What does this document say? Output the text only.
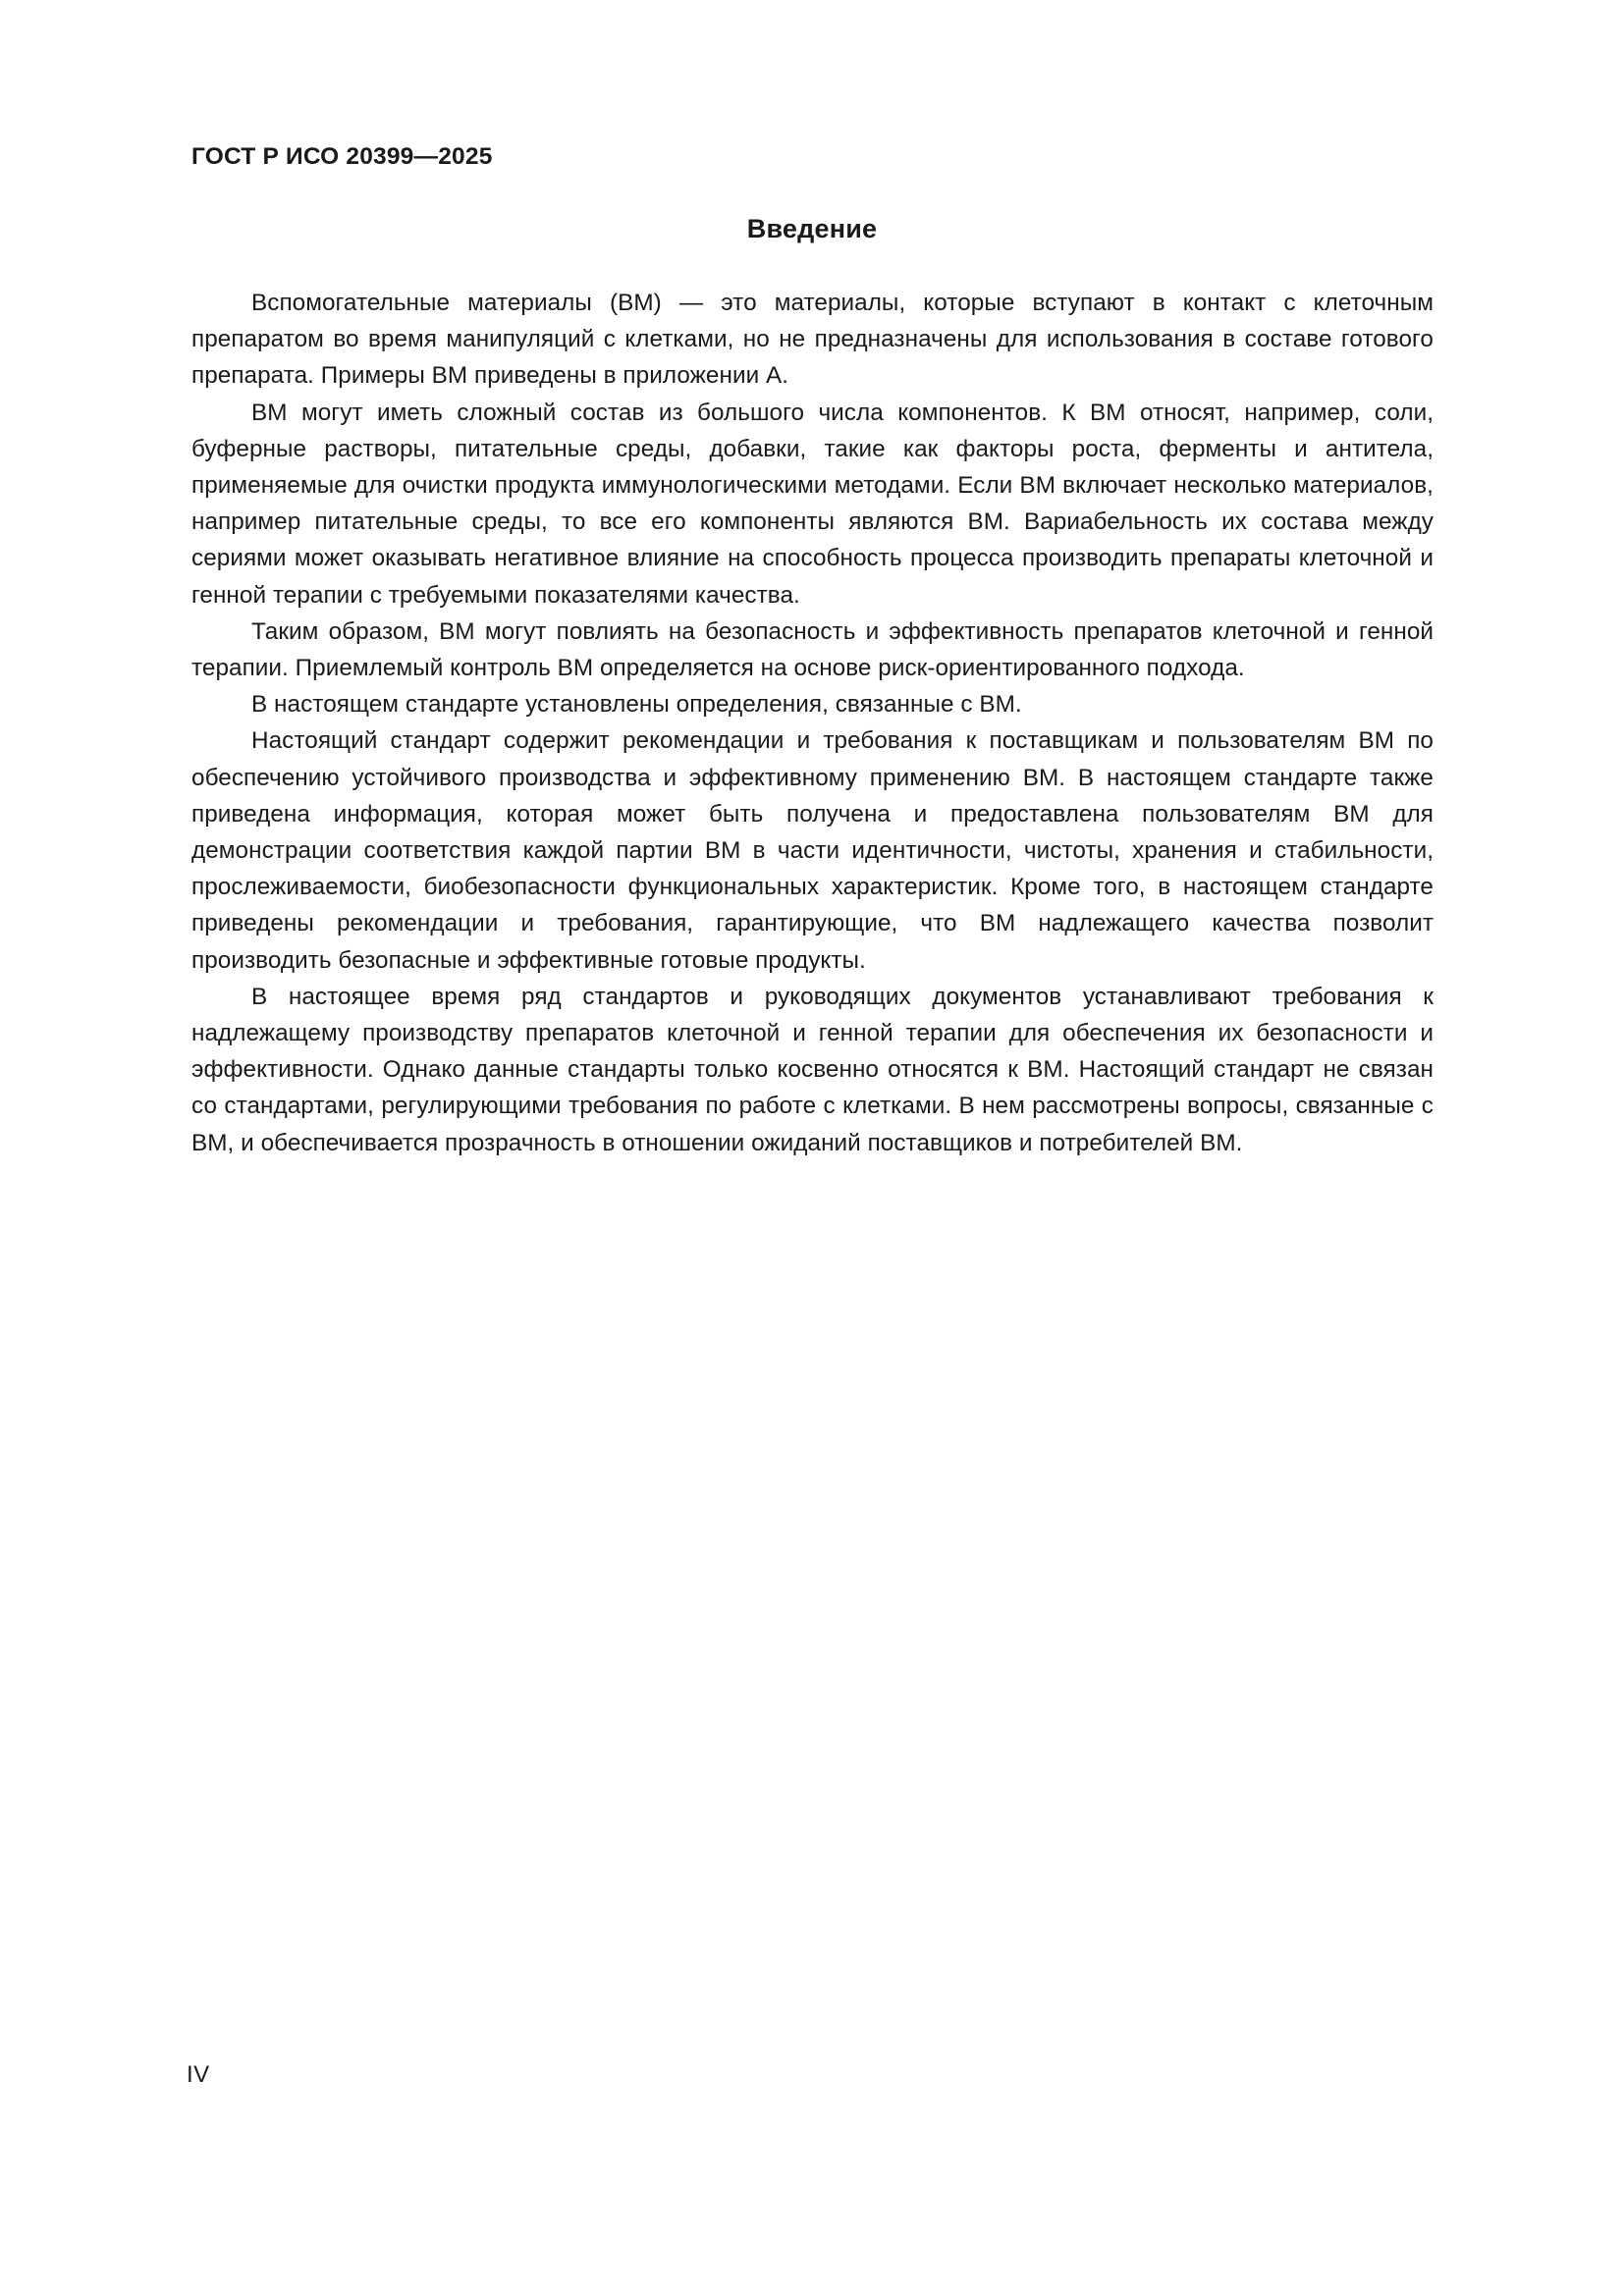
ГОСТ Р ИСО 20399—2025
Введение

Вспомогательные материалы (ВМ) — это материалы, которые вступают в контакт с клеточным препаратом во время манипуляций с клетками, но не предназначены для использования в составе готового препарата. Примеры ВМ приведены в приложении А.

ВМ могут иметь сложный состав из большого числа компонентов. К ВМ относят, например, соли, буферные растворы, питательные среды, добавки, такие как факторы роста, ферменты и антитела, применяемые для очистки продукта иммунологическими методами. Если ВМ включает несколько материалов, например питательные среды, то все его компоненты являются ВМ. Вариабельность их состава между сериями может оказывать негативное влияние на способность процесса производить препараты клеточной и генной терапии с требуемыми показателями качества.

Таким образом, ВМ могут повлиять на безопасность и эффективность препаратов клеточной и генной терапии. Приемлемый контроль ВМ определяется на основе риск-ориентированного подхода.

В настоящем стандарте установлены определения, связанные с ВМ.

Настоящий стандарт содержит рекомендации и требования к поставщикам и пользователям ВМ по обеспечению устойчивого производства и эффективному применению ВМ. В настоящем стандарте также приведена информация, которая может быть получена и предоставлена пользователям ВМ для демонстрации соответствия каждой партии ВМ в части идентичности, чистоты, хранения и стабильности, прослеживаемости, биобезопасности функциональных характеристик. Кроме того, в настоящем стандарте приведены рекомендации и требования, гарантирующие, что ВМ надлежащего качества позволит производить безопасные и эффективные готовые продукты.

В настоящее время ряд стандартов и руководящих документов устанавливают требования к надлежащему производству препаратов клеточной и генной терапии для обеспечения их безопасности и эффективности. Однако данные стандарты только косвенно относятся к ВМ. Настоящий стандарт не связан со стандартами, регулирующими требования по работе с клетками. В нем рассмотрены вопросы, связанные с ВМ, и обеспечивается прозрачность в отношении ожиданий поставщиков и потребителей ВМ.

IV
